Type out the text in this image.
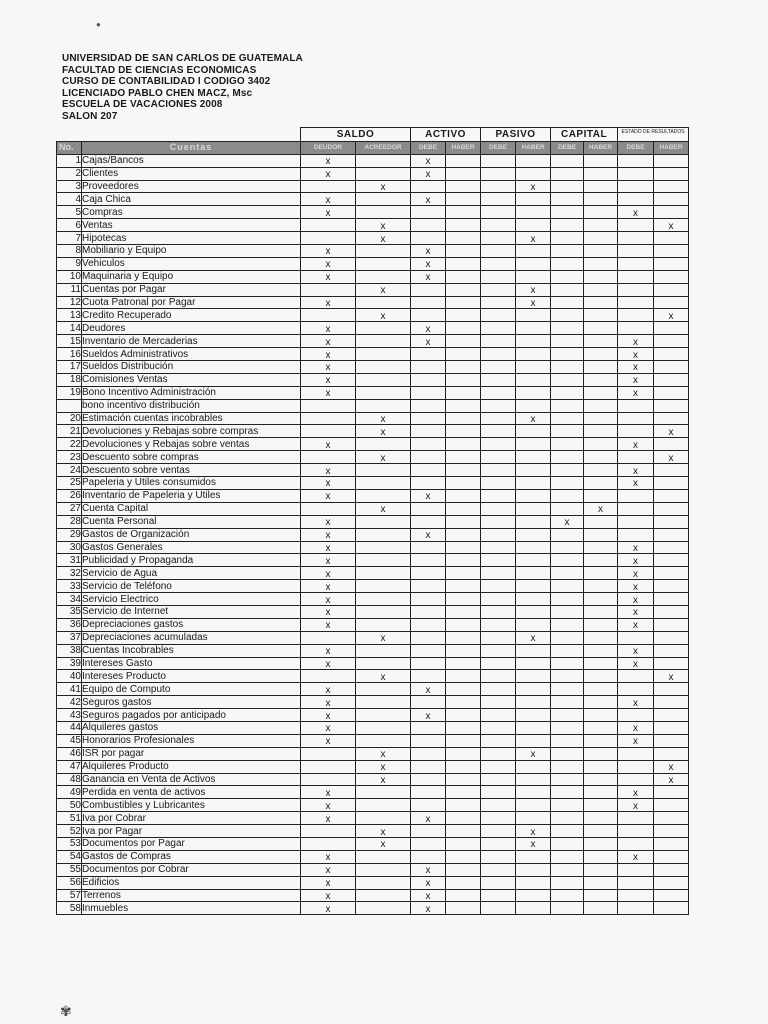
●
UNIVERSIDAD DE SAN CARLOS DE GUATEMALA
FACULTAD DE CIENCIAS ECONOMICAS
CURSO DE CONTABILIDAD I CODIGO 3402
LICENCIADO PABLO CHEN MACZ, Msc
ESCUELA DE VACACIONES 2008
SALON 207
		SALDO		ACTIVO		PASIVO		CAPITAL		ESTADO DE RESULTADOS	
No.	Cuentas	DEUDOR	ACREEDOR	DEBE	HABER	DEBE	HABER	DEBE	HABER	DEBE	HABER
1	Cajas/Bancos	x		x							
2	Clientes	x		x							
3	Proveedores		x				x				
4	Caja Chica	x		x							
5	Compras	x								x	
6	Ventas		x								x
7	Hipotecas		x				x				
8	Mobiliario y Equipo	x		x							
9	Vehiculos	x		x							
10	Maquinaria y Equipo	x		x							
11	Cuentas por Pagar		x				x				
12	Cuota Patronal por Pagar	x					x				
13	Credito Recuperado		x								x
14	Deudores	x		x							
15	Inventario de Mercaderias	x		x						x	
16	Sueldos Administrativos	x								x	
17	Sueldos Distribución	x								x	
18	Comisiones Ventas	x								x	
19	Bono Incentivo Administración	x								x	
	bono incentivo distribución										
20	Estimación cuentas incobrables		x				x				
21	Devoluciones y Rebajas sobre compras		x								x
22	Devoluciones y Rebajas sobre ventas	x								x	
23	Descuento sobre compras		x								x
24	Descuento sobre ventas	x								x	
25	Papeleria y Utiles consumidos	x								x	
26	Inventario de Papeleria y Utiles	x		x							
27	Cuenta Capital		x						x		
28	Cuenta Personal	x						x			
29	Gastos de Organización	x		x							
30	Gastos Generales	x								x	
31	Publicidad y Propaganda	x								x	
32	Servicio de Agua	x								x	
33	Servicio de Teléfono	x								x	
34	Servicio Electrico	x								x	
35	Servicio de Internet	x								x	
36	Depreciaciones gastos	x								x	
37	Depreciaciones acumuladas		x				x				
38	Cuentas Incobrables	x								x	
39	Intereses Gasto	x								x	
40	Intereses Producto		x								x
41	Equipo de Computo	x		x							
42	Seguros gastos	x								x	
43	Seguros pagados por anticipado	x		x							
44	Alquileres gastos	x								x	
45	Honorarios Profesionales	x								x	
46	ISR por pagar		x				x				
47	Alquileres Producto		x								x
48	Ganancia en Venta de Activos		x								x
49	Perdida en venta de activos	x								x	
50	Combustibles y Lubricantes	x								x	
51	Iva por Cobrar	x		x							
52	Iva por Pagar		x				x				
53	Documentos por Pagar		x				x				
54	Gastos de Compras	x								x	
55	Documentos por Cobrar	x		x							
56	Edificios	x		x							
57	Terrenos	x		x							
58	Inmuebles	x		x							
✾
